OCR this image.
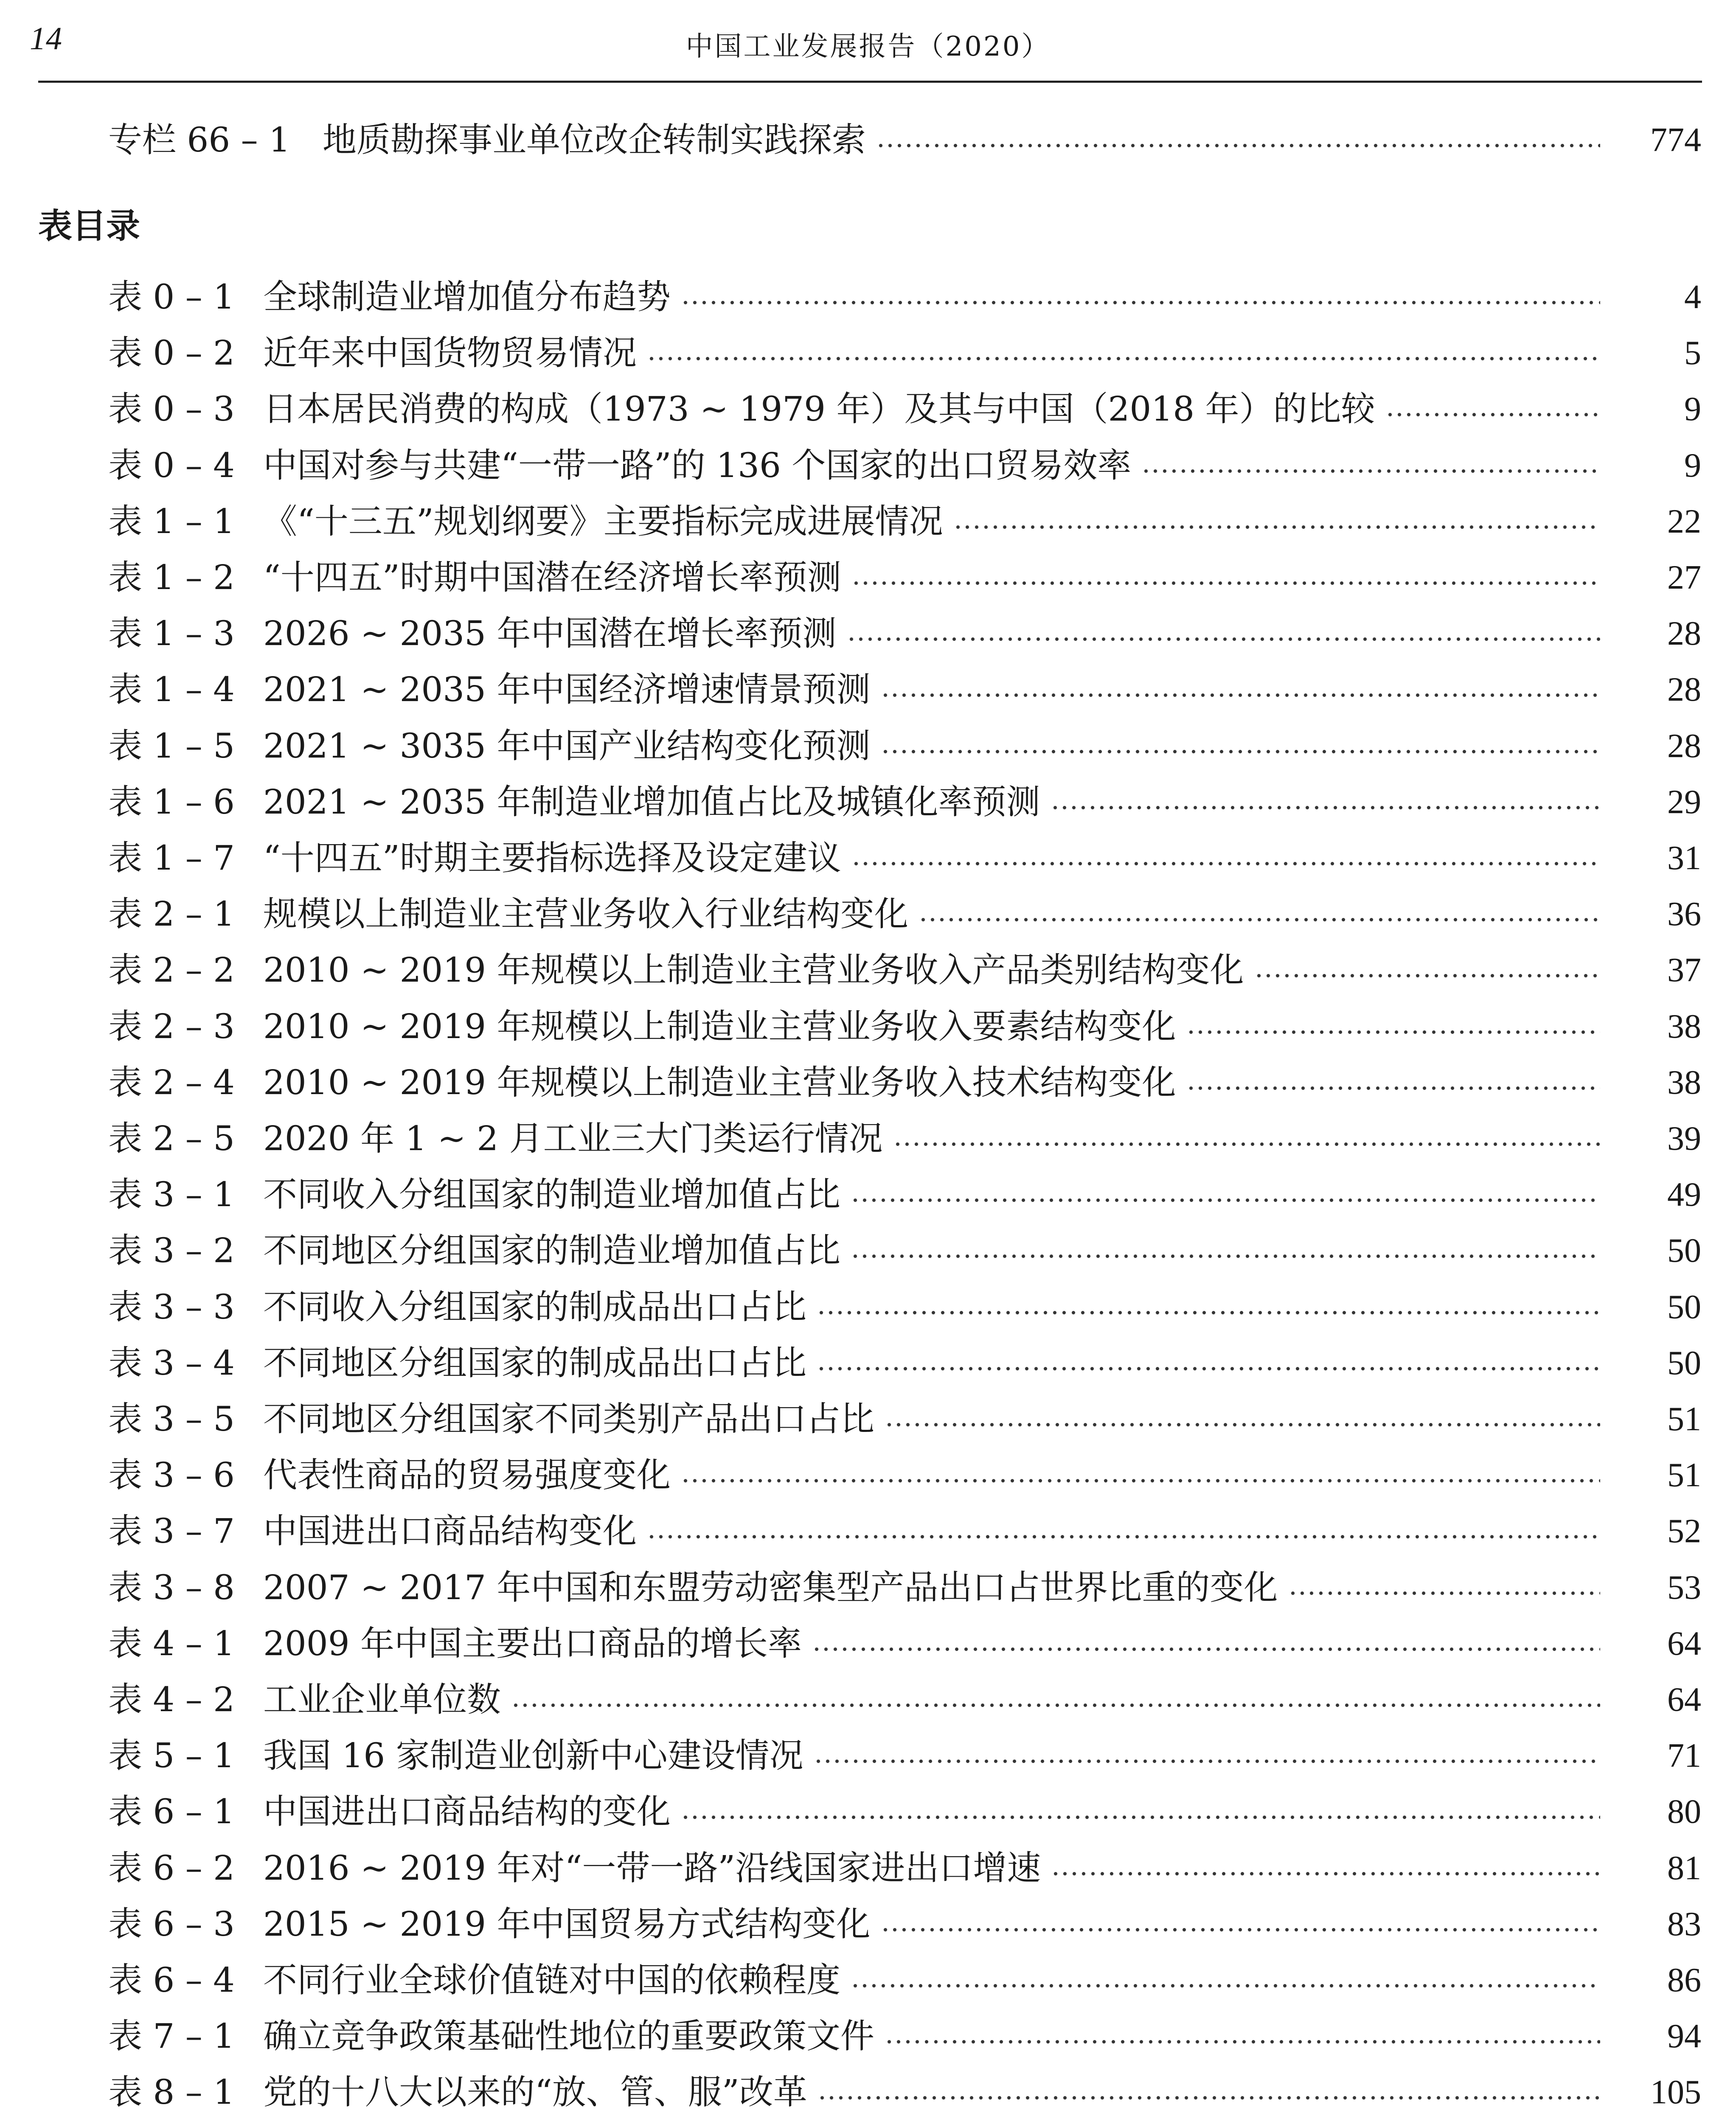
14	中国工业发展报告（2020）
专栏 66 – 1 地质勘探事业单位改企转制实践探索	774
表目录
表 0 – 1 全球制造业增加值分布趋势	4
表 0 – 2 近年来中国货物贸易情况	5
表 0 – 3 日本居民消费的构成（1973 ~ 1979 年）及其与中国（2018 年）的比较	9
表 0 – 4 中国对参与共建“一带一路”的 136 个国家的出口贸易效率	9
表 1 – 1 《“十三五”规划纲要》主要指标完成进展情况	22
表 1 – 2 “十四五”时期中国潜在经济增长率预测	27
表 1 – 3 2026 ~ 2035 年中国潜在增长率预测	28
表 1 – 4 2021 ~ 2035 年中国经济增速情景预测	28
表 1 – 5 2021 ~ 3035 年中国产业结构变化预测	28
表 1 – 6 2021 ~ 2035 年制造业增加值占比及城镇化率预测	29
表 1 – 7 “十四五”时期主要指标选择及设定建议	31
表 2 – 1 规模以上制造业主营业务收入行业结构变化	36
表 2 – 2 2010 ~ 2019 年规模以上制造业主营业务收入产品类别结构变化	37
表 2 – 3 2010 ~ 2019 年规模以上制造业主营业务收入要素结构变化	38
表 2 – 4 2010 ~ 2019 年规模以上制造业主营业务收入技术结构变化	38
表 2 – 5 2020 年 1 ~ 2 月工业三大门类运行情况	39
表 3 – 1 不同收入分组国家的制造业增加值占比	49
表 3 – 2 不同地区分组国家的制造业增加值占比	50
表 3 – 3 不同收入分组国家的制成品出口占比	50
表 3 – 4 不同地区分组国家的制成品出口占比	50
表 3 – 5 不同地区分组国家不同类别产品出口占比	51
表 3 – 6 代表性商品的贸易强度变化	51
表 3 – 7 中国进出口商品结构变化	52
表 3 – 8 2007 ~ 2017 年中国和东盟劳动密集型产品出口占世界比重的变化	53
表 4 – 1 2009 年中国主要出口商品的增长率	64
表 4 – 2 工业企业单位数	64
表 5 – 1 我国 16 家制造业创新中心建设情况	71
表 6 – 1 中国进出口商品结构的变化	80
表 6 – 2 2016 ~ 2019 年对“一带一路”沿线国家进出口增速	81
表 6 – 3 2015 ~ 2019 年中国贸易方式结构变化	83
表 6 – 4 不同行业全球价值链对中国的依赖程度	86
表 7 – 1 确立竞争政策基础性地位的重要政策文件	94
表 8 – 1 党的十八大以来的“放、管、服”改革	105
